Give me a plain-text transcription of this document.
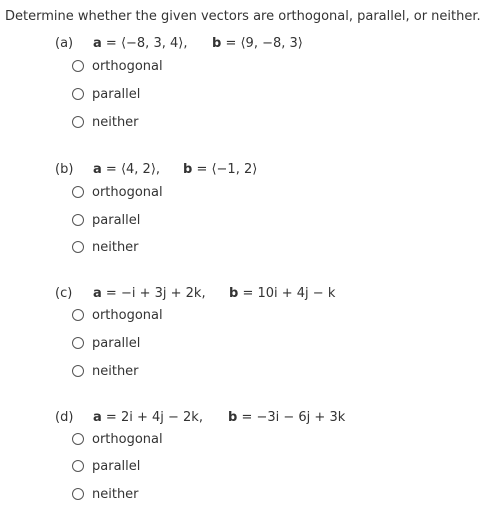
Determine whether the given vectors are orthogonal, parallel, or neither.
(a) a = ⟨−8, 3, 4⟩, b = ⟨9, −8, 3⟩
orthogonal
parallel
neither
(b) a = ⟨4, 2⟩, b = ⟨−1, 2⟩
orthogonal
parallel
neither
(c) a = −i + 3j + 2k, b = 10i + 4j − k
orthogonal
parallel
neither
(d) a = 2i + 4j − 2k, b = −3i − 6j + 3k
orthogonal
parallel
neither
